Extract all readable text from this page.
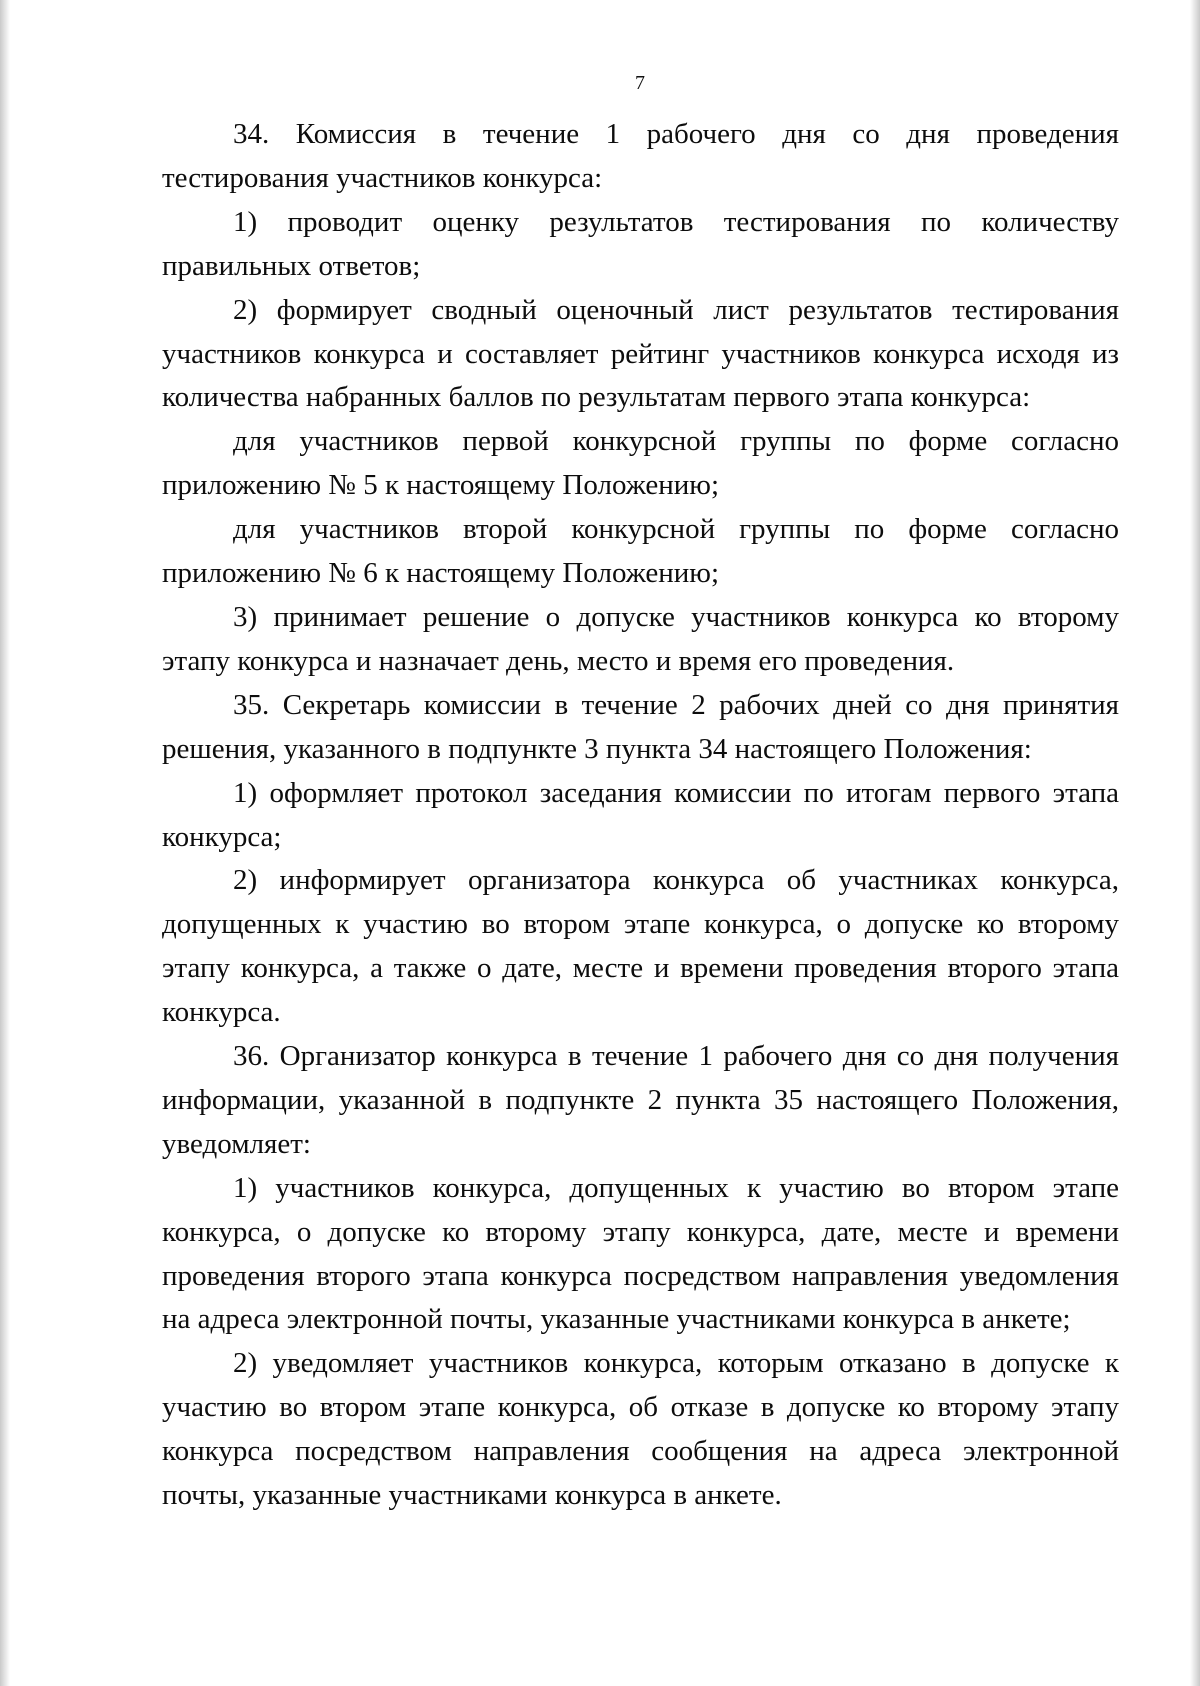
7

34. Комиссия в течение 1 рабочего дня со дня проведения тестирования участников конкурса:

1) проводит оценку результатов тестирования по количеству правильных ответов;

2) формирует сводный оценочный лист результатов тестирования участников конкурса и составляет рейтинг участников конкурса исходя из количества набранных баллов по результатам первого этапа конкурса:

для участников первой конкурсной группы по форме согласно приложению № 5 к настоящему Положению;

для участников второй конкурсной группы по форме согласно приложению № 6 к настоящему Положению;

3) принимает решение о допуске участников конкурса ко второму этапу конкурса и назначает день, место и время его проведения.

35. Секретарь комиссии в течение 2 рабочих дней со дня принятия решения, указанного в подпункте 3 пункта 34 настоящего Положения:

1) оформляет протокол заседания комиссии по итогам первого этапа конкурса;

2) информирует организатора конкурса об участниках конкурса, допущенных к участию во втором этапе конкурса, о допуске ко второму этапу конкурса, а также о дате, месте и времени проведения второго этапа конкурса.

36. Организатор конкурса в течение 1 рабочего дня со дня получения информации, указанной в подпункте 2 пункта 35 настоящего Положения, уведомляет:

1) участников конкурса, допущенных к участию во втором этапе конкурса, о допуске ко второму этапу конкурса, дате, месте и времени проведения второго этапа конкурса посредством направления уведомления на адреса электронной почты, указанные участниками конкурса в анкете;

2) уведомляет участников конкурса, которым отказано в допуске к участию во втором этапе конкурса, об отказе в допуске ко второму этапу конкурса посредством направления сообщения на адреса электронной почты, указанные участниками конкурса в анкете.
